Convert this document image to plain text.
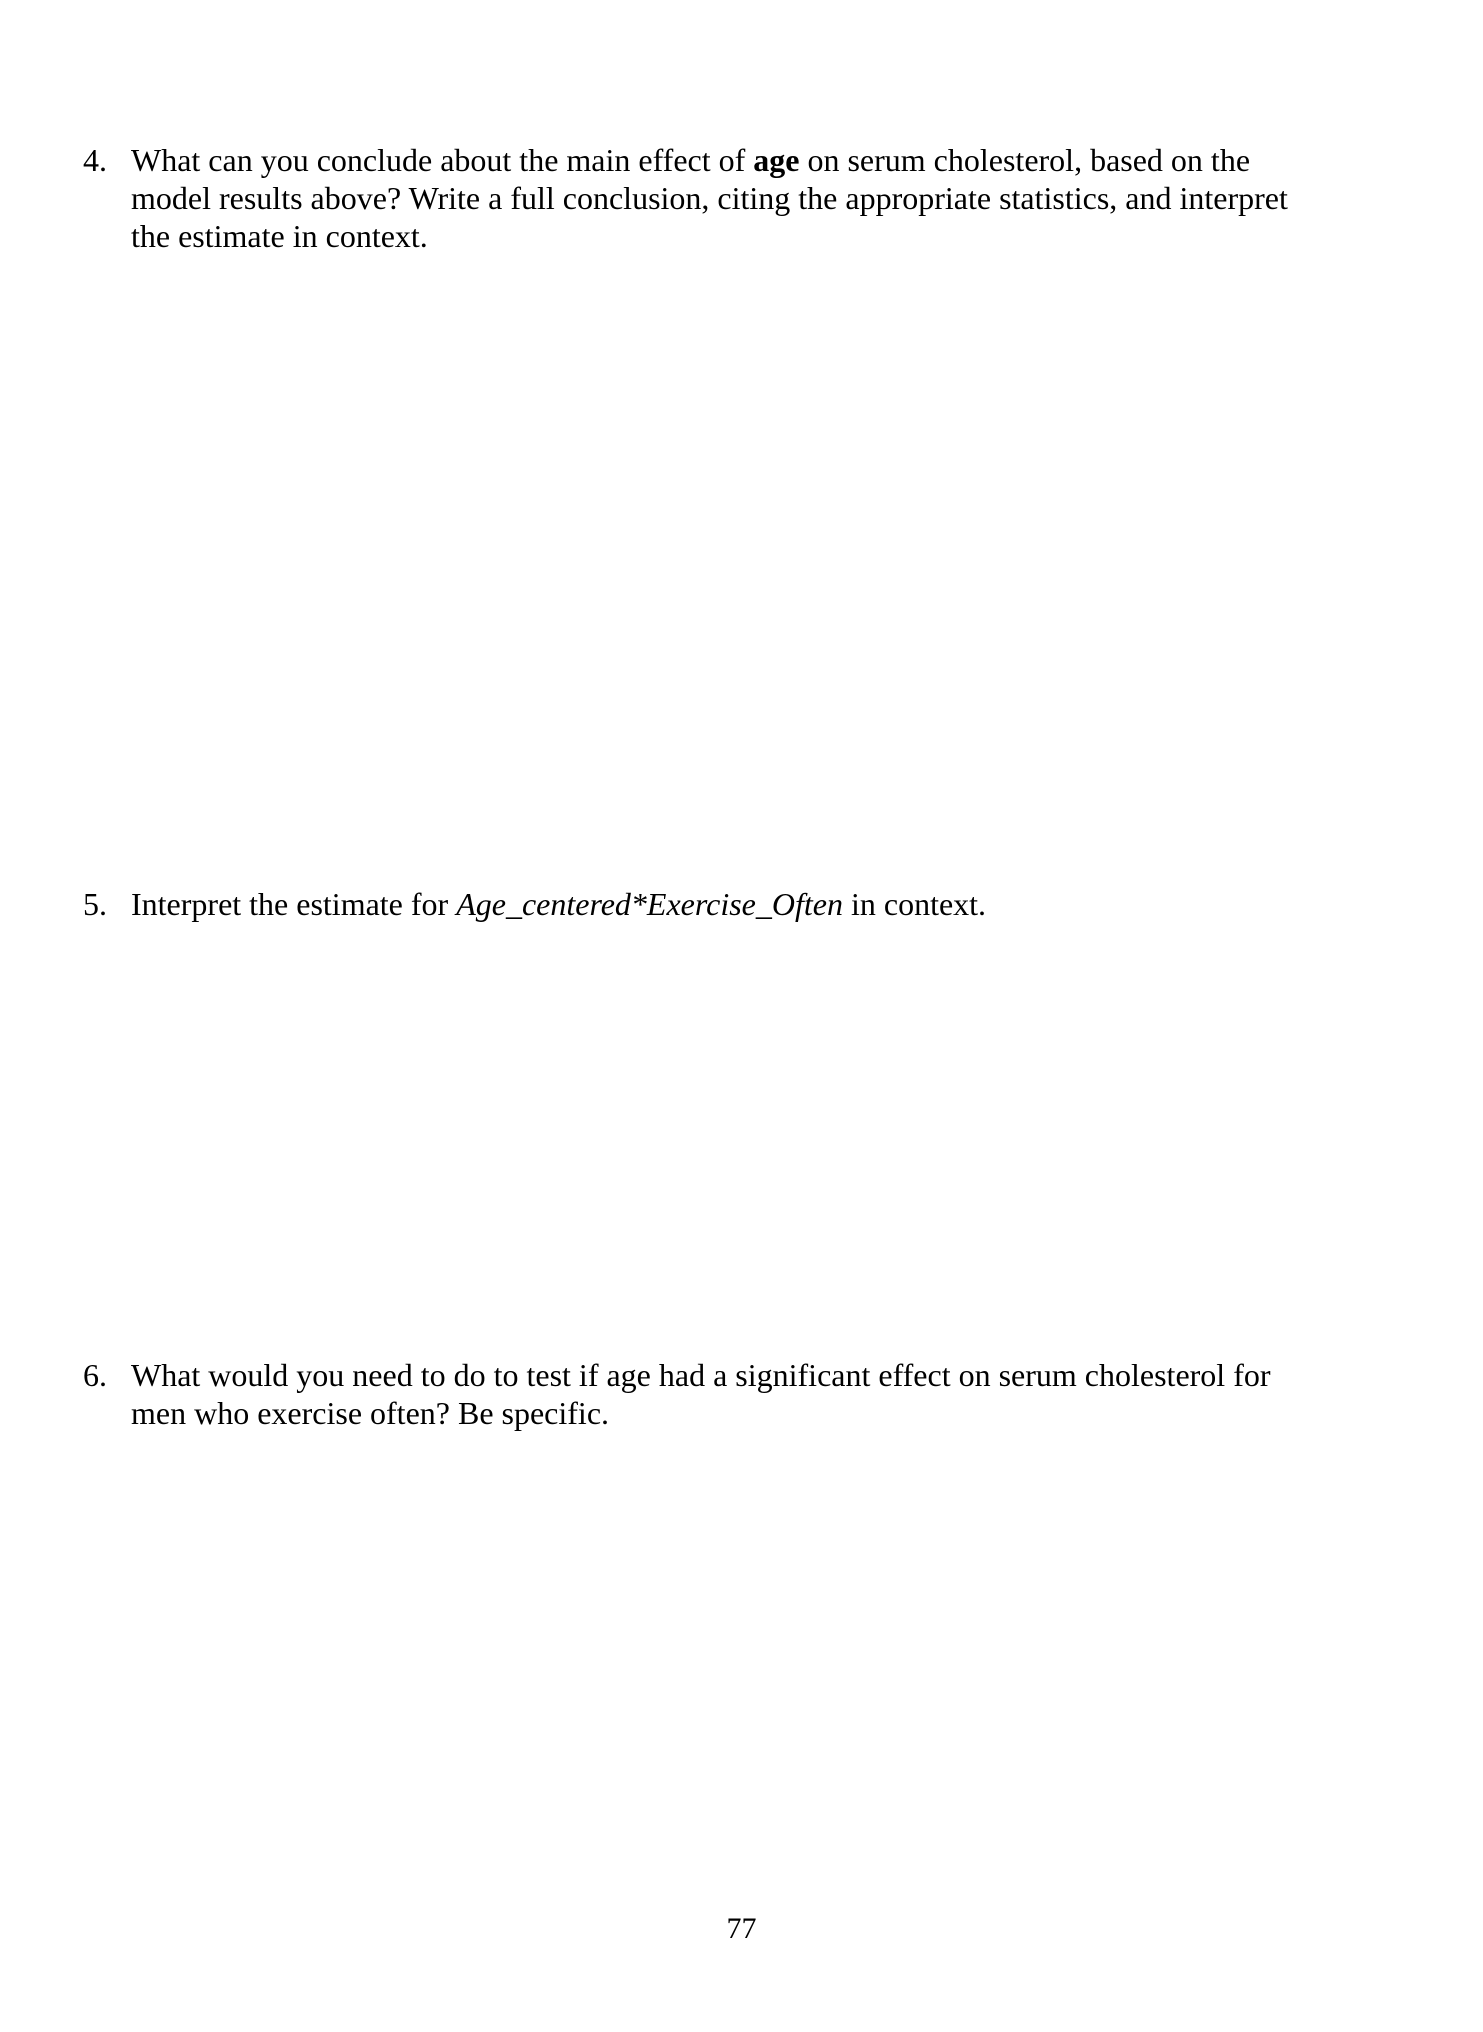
4. What can you conclude about the main effect of age on serum cholesterol, based on the model results above? Write a full conclusion, citing the appropriate statistics, and interpret the estimate in context.
5. Interpret the estimate for Age_centered*Exercise_Often in context.
6. What would you need to do to test if age had a significant effect on serum cholesterol for men who exercise often? Be specific.
77
